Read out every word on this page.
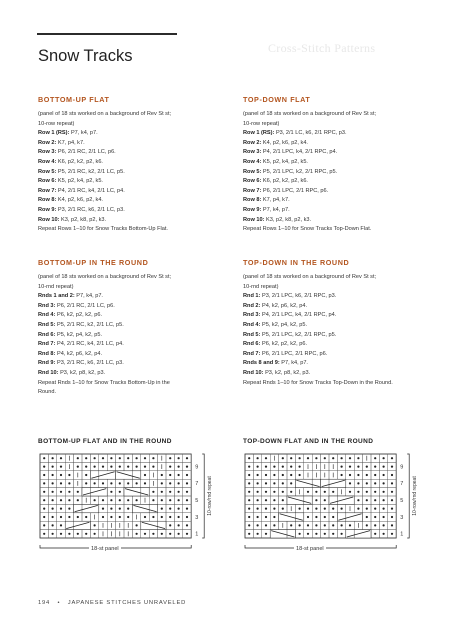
Cross-Stitch Patterns
Snow Tracks
BOTTOM-UP FLAT
(panel of 18 sts worked on a background of Rev St st;
10-row repeat)
Row 1 (RS): P7, k4, p7.
Row 2: K7, p4, k7.
Row 3: P6, 2/1 RC, 2/1 LC, p6.
Row 4: K6, p2, k2, p2, k6.
Row 5: P5, 2/1 RC, k2, 2/1 LC, p5.
Row 6: K5, p2, k4, p2, k5.
Row 7: P4, 2/1 RC, k4, 2/1 LC, p4.
Row 8: K4, p2, k6, p2, k4.
Row 9: P3, 2/1 RC, k6, 2/1 LC, p3.
Row 10: K3, p2, k8, p2, k3.
Repeat Rows 1–10 for Snow Tracks Bottom-Up Flat.
BOTTOM-UP IN THE ROUND
(panel of 18 sts worked on a background of Rev St st;
10-rnd repeat)
Rnds 1 and 2: P7, k4, p7.
Rnd 3: P6, 2/1 RC, 2/1 LC, p6.
Rnd 4: P6, k2, p2, k2, p6.
Rnd 5: P5, 2/1 RC, k2, 2/1 LC, p5.
Rnd 6: P5, k2, p4, k2, p5.
Rnd 7: P4, 2/1 RC, k4, 2/1 LC, p4.
Rnd 8: P4, k2, p6, k2, p4.
Rnd 9: P3, 2/1 RC, k6, 2/1 LC, p3.
Rnd 10: P3, k2, p8, k2, p3.
Repeat Rnds 1–10 for Snow Tracks Bottom-Up in the
Round.
TOP-DOWN FLAT
(panel of 18 sts worked on a background of Rev St st;
10-row repeat)
Row 1 (RS): P3, 2/1 LC, k6, 2/1 RPC, p3.
Row 2: K4, p2, k6, p2, k4.
Row 3: P4, 2/1 LPC, k4, 2/1 RPC, p4.
Row 4: K5, p2, k4, p2, k5.
Row 5: P5, 2/1 LPC, k2, 2/1 RPC, p5.
Row 6: K6, p2, k2, p2, k6.
Row 7: P6, 2/1 LPC, 2/1 RPC, p6.
Row 8: K7, p4, k7.
Row 9: P7, k4, p7.
Row 10: K3, p2, k8, p2, k3.
Repeat Rows 1–10 for Snow Tracks Top-Down Flat.
TOP-DOWN IN THE ROUND
(panel of 18 sts worked on a background of Rev St st;
10-rnd repeat)
Rnd 1: P3, 2/1 LPC, k6, 2/1 RPC, p3.
Rnd 2: P4, k2, p6, k2, p4.
Rnd 3: P4, 2/1 LPC, k4, 2/1 RPC, p4.
Rnd 4: P5, k2, p4, k2, p5.
Rnd 5: P5, 2/1 LPC, k2, 2/1 RPC, p5.
Rnd 6: P6, k2, p2, k2, p6.
Rnd 7: P6, 2/1 LPC, 2/1 RPC, p6.
Rnds 8 and 9: P7, k4, p7.
Rnd 10: P3, k2, p8, k2, p3.
Repeat Rnds 1–10 for Snow Tracks Top-Down in the Round.
BOTTOM-UP FLAT AND IN THE ROUND	TOP-DOWN FLAT AND IN THE ROUND
9
7
5
3
1
10-row/rnd repeat
9
7
5
3
1
10-row/rnd repeat
18-st panel	18-st panel
194 • JAPANESE STITCHES UNRAVELED
